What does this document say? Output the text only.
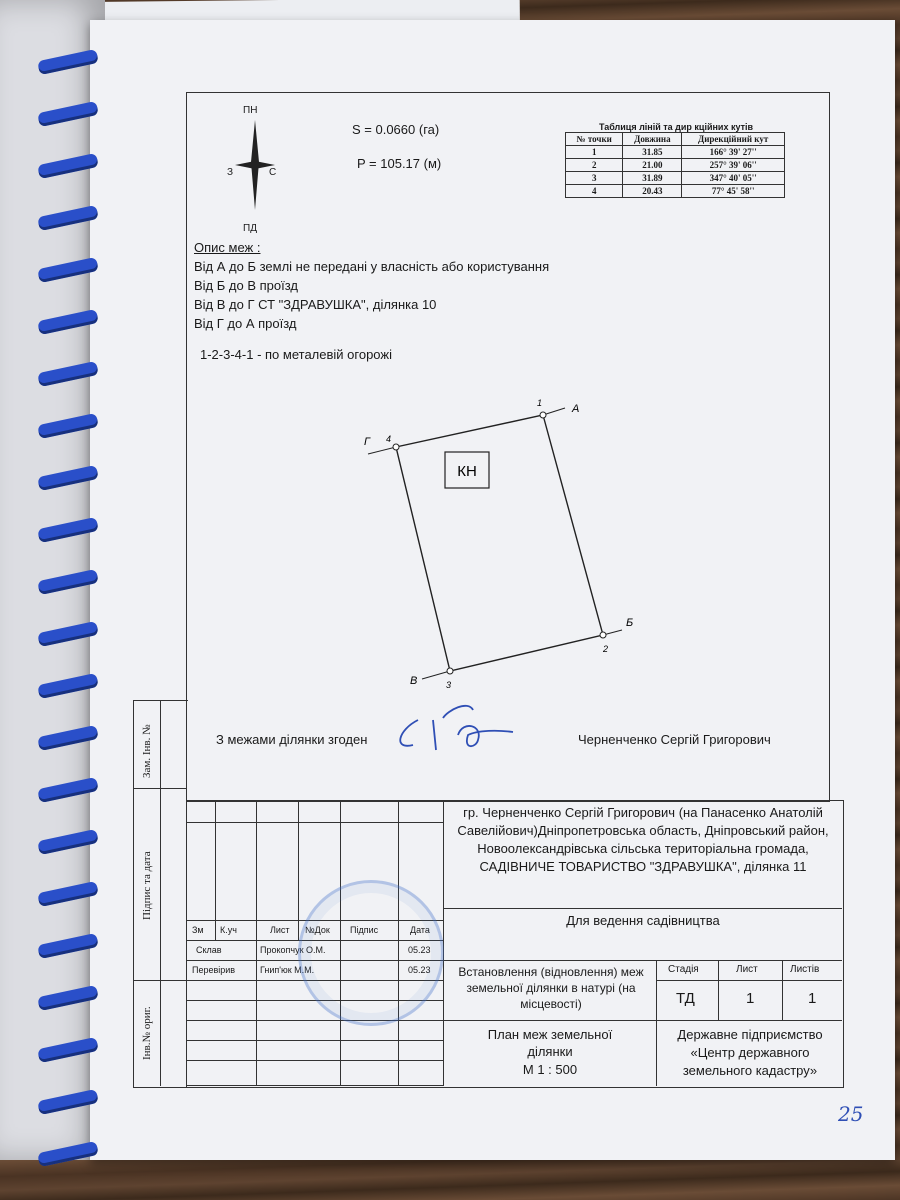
ПН
З	С
ПД
S = 0.0660 (га)
P = 105.17 (м)
Таблиця ліній та дир кційних кутів
№ точки	Довжина	Дирекційний кут
1	31.85	166° 39' 27''
2	21.00	257° 39' 06''
3	31.89	347° 40' 05''
4	20.43	77° 45' 58''
Опис меж :
Від А до Б землі не передані у власність або користування
Від Б до В проїзд
Від В до Г СТ "ЗДРАВУШКА", ділянка 10
Від Г до А проїзд
1-2-3-4-1 - по металевій огорожі
КН
1
2
3
4
А
Б
В
Г
З межами ділянки згоден	Черненченко Сергій Григорович
Зам. Інв. №
Підпис та дата
Інв.№ ориг.
Зм К.уч	Лист №Док Підпис	Дата
Склав	Прокопчук О.М.	05.23
Перевірив	Гнип'юк М.М.	05.23
гр. Черненченко Сергій Григорович (на Панасенко Анатолій Савелійович)Дніпропетровська область, Дніпровський район, Новоолександрівська сільська територіальна громада, САДІВНИЧЕ ТОВАРИСТВО "ЗДРАВУШКА", ділянка 11
Для ведення садівництва
Встановлення (відновлення) меж земельної ділянки в натурі (на місцевості)
Стадія	Лист	Листів
ТД	1	1
План меж земельної ділянки
М 1 : 500
Державне підприємство «Центр державного земельного кадастру»
25
